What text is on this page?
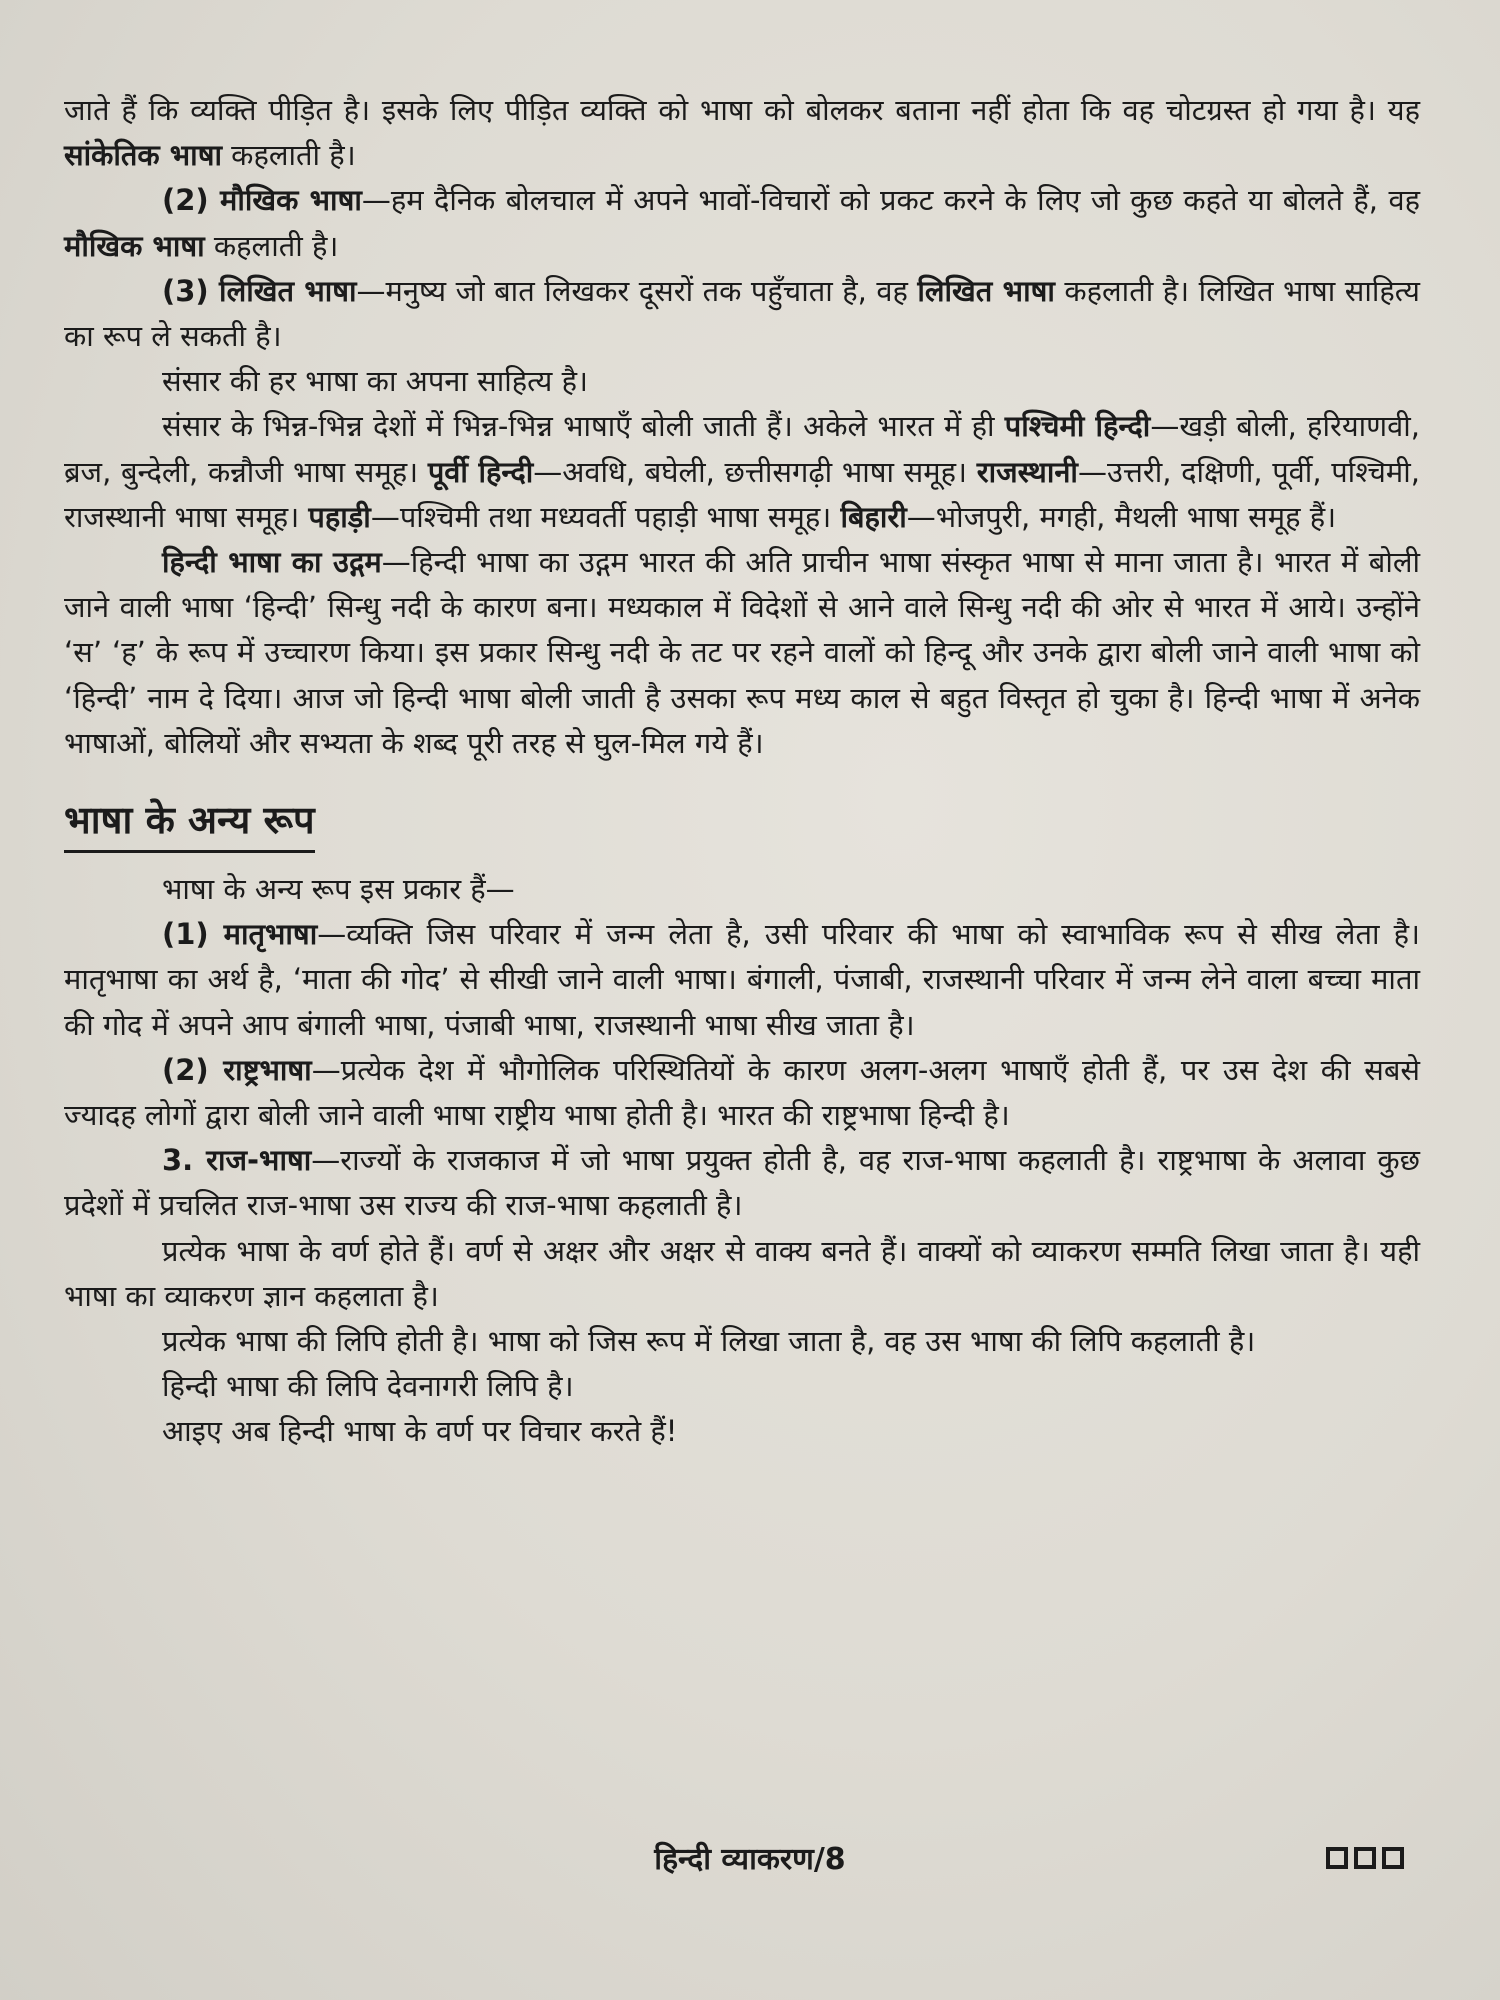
जाते हैं कि व्यक्ति पीड़ित है। इसके लिए पीड़ित व्यक्ति को भाषा को बोलकर बताना नहीं होता कि वह चोटग्रस्त हो गया है। यह सांकेतिक भाषा कहलाती है।

(2) मौखिक भाषा—हम दैनिक बोलचाल में अपने भावों-विचारों को प्रकट करने के लिए जो कुछ कहते या बोलते हैं, वह मौखिक भाषा कहलाती है।

(3) लिखित भाषा—मनुष्य जो बात लिखकर दूसरों तक पहुँचाता है, वह लिखित भाषा कहलाती है। लिखित भाषा साहित्य का रूप ले सकती है।

संसार की हर भाषा का अपना साहित्य है।

संसार के भिन्न-भिन्न देशों में भिन्न-भिन्न भाषाएँ बोली जाती हैं। अकेले भारत में ही पश्चिमी हिन्दी—खड़ी बोली, हरियाणवी, ब्रज, बुन्देली, कन्नौजी भाषा समूह। पूर्वी हिन्दी—अवधि, बघेली, छत्तीसगढ़ी भाषा समूह। राजस्थानी—उत्तरी, दक्षिणी, पूर्वी, पश्चिमी, राजस्थानी भाषा समूह। पहाड़ी—पश्चिमी तथा मध्यवर्ती पहाड़ी भाषा समूह। बिहारी—भोजपुरी, मगही, मैथली भाषा समूह हैं।

हिन्दी भाषा का उद्गम—हिन्दी भाषा का उद्गम भारत की अति प्राचीन भाषा संस्कृत भाषा से माना जाता है। भारत में बोली जाने वाली भाषा ‘हिन्दी’ सिन्धु नदी के कारण बना। मध्यकाल में विदेशों से आने वाले सिन्धु नदी की ओर से भारत में आये। उन्होंने ‘स’ ‘ह’ के रूप में उच्चारण किया। इस प्रकार सिन्धु नदी के तट पर रहने वालों को हिन्दू और उनके द्वारा बोली जाने वाली भाषा को ‘हिन्दी’ नाम दे दिया। आज जो हिन्दी भाषा बोली जाती है उसका रूप मध्य काल से बहुत विस्तृत हो चुका है। हिन्दी भाषा में अनेक भाषाओं, बोलियों और सभ्यता के शब्द पूरी तरह से घुल-मिल गये हैं।

भाषा के अन्य रूप

भाषा के अन्य रूप इस प्रकार हैं—

(1) मातृभाषा—व्यक्ति जिस परिवार में जन्म लेता है, उसी परिवार की भाषा को स्वाभाविक रूप से सीख लेता है। मातृभाषा का अर्थ है, ‘माता की गोद’ से सीखी जाने वाली भाषा। बंगाली, पंजाबी, राजस्थानी परिवार में जन्म लेने वाला बच्चा माता की गोद में अपने आप बंगाली भाषा, पंजाबी भाषा, राजस्थानी भाषा सीख जाता है।

(2) राष्ट्रभाषा—प्रत्येक देश में भौगोलिक परिस्थितियों के कारण अलग-अलग भाषाएँ होती हैं, पर उस देश की सबसे ज्यादह लोगों द्वारा बोली जाने वाली भाषा राष्ट्रीय भाषा होती है। भारत की राष्ट्रभाषा हिन्दी है।

3. राज-भाषा—राज्यों के राजकाज में जो भाषा प्रयुक्त होती है, वह राज-भाषा कहलाती है। राष्ट्रभाषा के अलावा कुछ प्रदेशों में प्रचलित राज-भाषा उस राज्य की राज-भाषा कहलाती है।

प्रत्येक भाषा के वर्ण होते हैं। वर्ण से अक्षर और अक्षर से वाक्य बनते हैं। वाक्यों को व्याकरण सम्मति लिखा जाता है। यही भाषा का व्याकरण ज्ञान कहलाता है।

प्रत्येक भाषा की लिपि होती है। भाषा को जिस रूप में लिखा जाता है, वह उस भाषा की लिपि कहलाती है।

हिन्दी भाषा की लिपि देवनागरी लिपि है।

आइए अब हिन्दी भाषा के वर्ण पर विचार करते हैं!

हिन्दी व्याकरण/8
